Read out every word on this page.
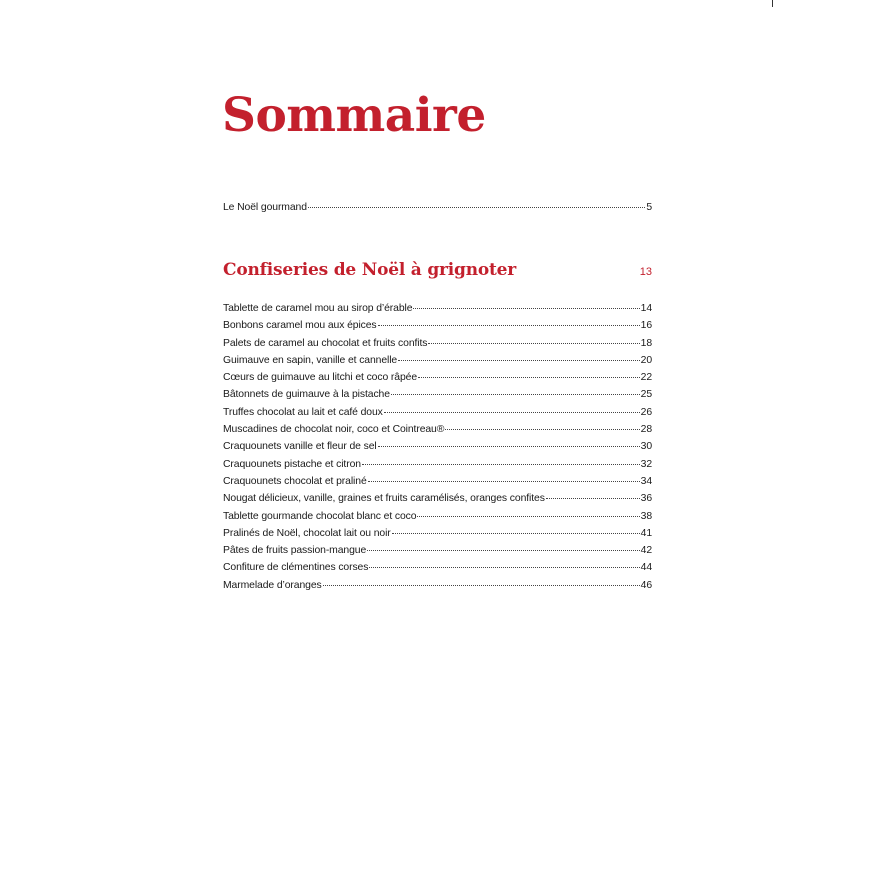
Sommaire
Le Noël gourmand	5
Confiseries de Noël à grignoter	13
Tablette de caramel mou au sirop d’érable	14
Bonbons caramel mou aux épices	16
Palets de caramel au chocolat et fruits confits	18
Guimauve en sapin, vanille et cannelle	20
Cœurs de guimauve au litchi et coco râpée	22
Bâtonnets de guimauve à la pistache	25
Truffes chocolat au lait et café doux	26
Muscadines de chocolat noir, coco et Cointreau®	28
Craquounets vanille et fleur de sel	30
Craquounets pistache et citron	32
Craquounets chocolat et praliné	34
Nougat délicieux, vanille, graines et fruits caramélisés, oranges confites	36
Tablette gourmande chocolat blanc et coco	38
Pralinés de Noël, chocolat lait ou noir	41
Pâtes de fruits passion-mangue	42
Confiture de clémentines corses	44
Marmelade d’oranges	46
